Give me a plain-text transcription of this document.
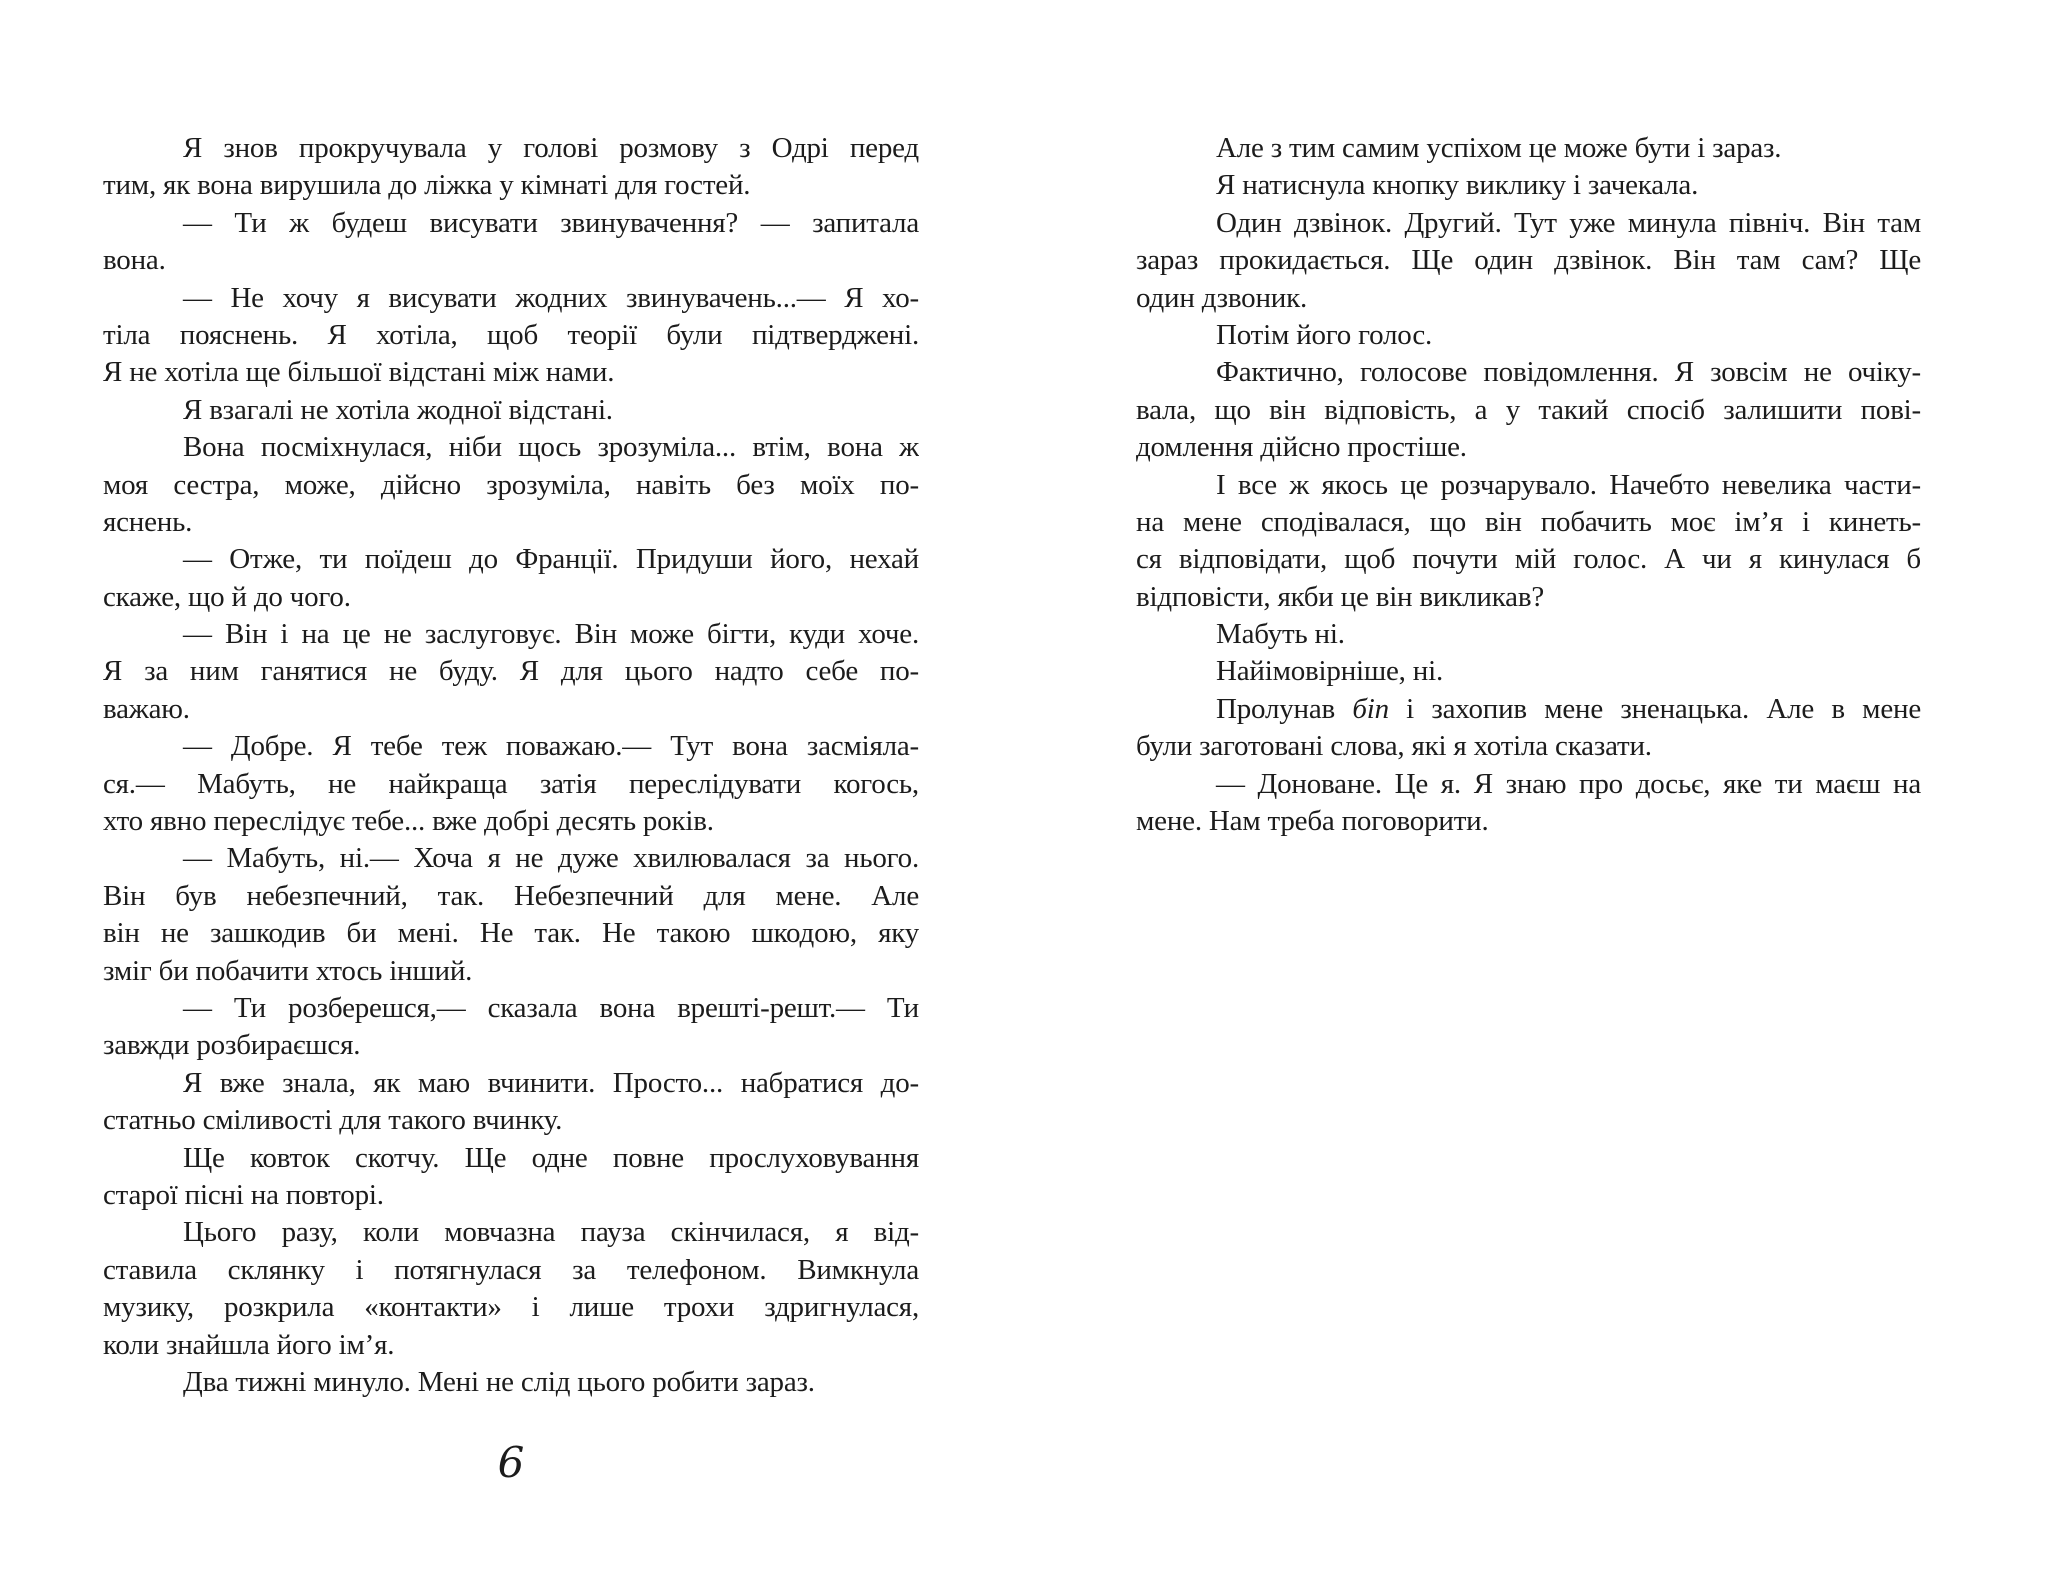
Я знов прокручувала у голові розмову з Одрі перед
тим, як вона вирушила до ліжка у кімнаті для гостей.
— Ти ж будеш висувати звинувачення? — запитала
вона.
— Не хочу я висувати жодних звинувачень...— Я хо-
тіла пояснень. Я хотіла, щоб теорії були підтверджені.
Я не хотіла ще більшої відстані між нами.
Я взагалі не хотіла жодної відстані.
Вона посміхнулася, ніби щось зрозуміла... втім, вона ж
моя сестра, може, дійсно зрозуміла, навіть без моїх по-
яснень.
— Отже, ти поїдеш до Франції. Придуши його, нехай
скаже, що й до чого.
— Він і на це не заслуговує. Він може бігти, куди хоче.
Я за ним ганятися не буду. Я для цього надто себе по-
важаю.
— Добре. Я тебе теж поважаю.— Тут вона засміяла-
ся.— Мабуть, не найкраща затія переслідувати когось,
хто явно переслідує тебе... вже добрі десять років.
— Мабуть, ні.— Хоча я не дуже хвилювалася за нього.
Він був небезпечний, так. Небезпечний для мене. Але
він не зашкодив би мені. Не так. Не такою шкодою, яку
зміг би побачити хтось інший.
— Ти розберешся,— сказала вона врешті-решт.— Ти
завжди розбираєшся.
Я вже знала, як маю вчинити. Просто... набратися до-
статньо сміливості для такого вчинку.
Ще ковток скотчу. Ще одне повне прослуховування
старої пісні на повторі.
Цього разу, коли мовчазна пауза скінчилася, я від-
ставила склянку і потягнулася за телефоном. Вимкнула
музику, розкрила «контакти» і лише трохи здригнулася,
коли знайшла його ім’я.
Два тижні минуло. Мені не слід цього робити зараз.
Але з тим самим успіхом це може бути і зараз.
Я натиснула кнопку виклику і зачекала.
Один дзвінок. Другий. Тут уже минула північ. Він там
зараз прокидається. Ще один дзвінок. Він там сам? Ще
один дзвоник.
Потім його голос.
Фактично, голосове повідомлення. Я зовсім не очіку-
вала, що він відповість, а у такий спосіб залишити пові-
домлення дійсно простіше.
І все ж якось це розчарувало. Начебто невелика части-
на мене сподівалася, що він побачить моє ім’я і кинеть-
ся відповідати, щоб почути мій голос. А чи я кинулася б
відповісти, якби це він викликав?
Мабуть ні.
Найімовірніше, ні.
Пролунав біп і захопив мене зненацька. Але в мене
були заготовані слова, які я хотіла сказати.
— Доноване. Це я. Я знаю про досьє, яке ти маєш на
мене. Нам треба поговорити.
6
